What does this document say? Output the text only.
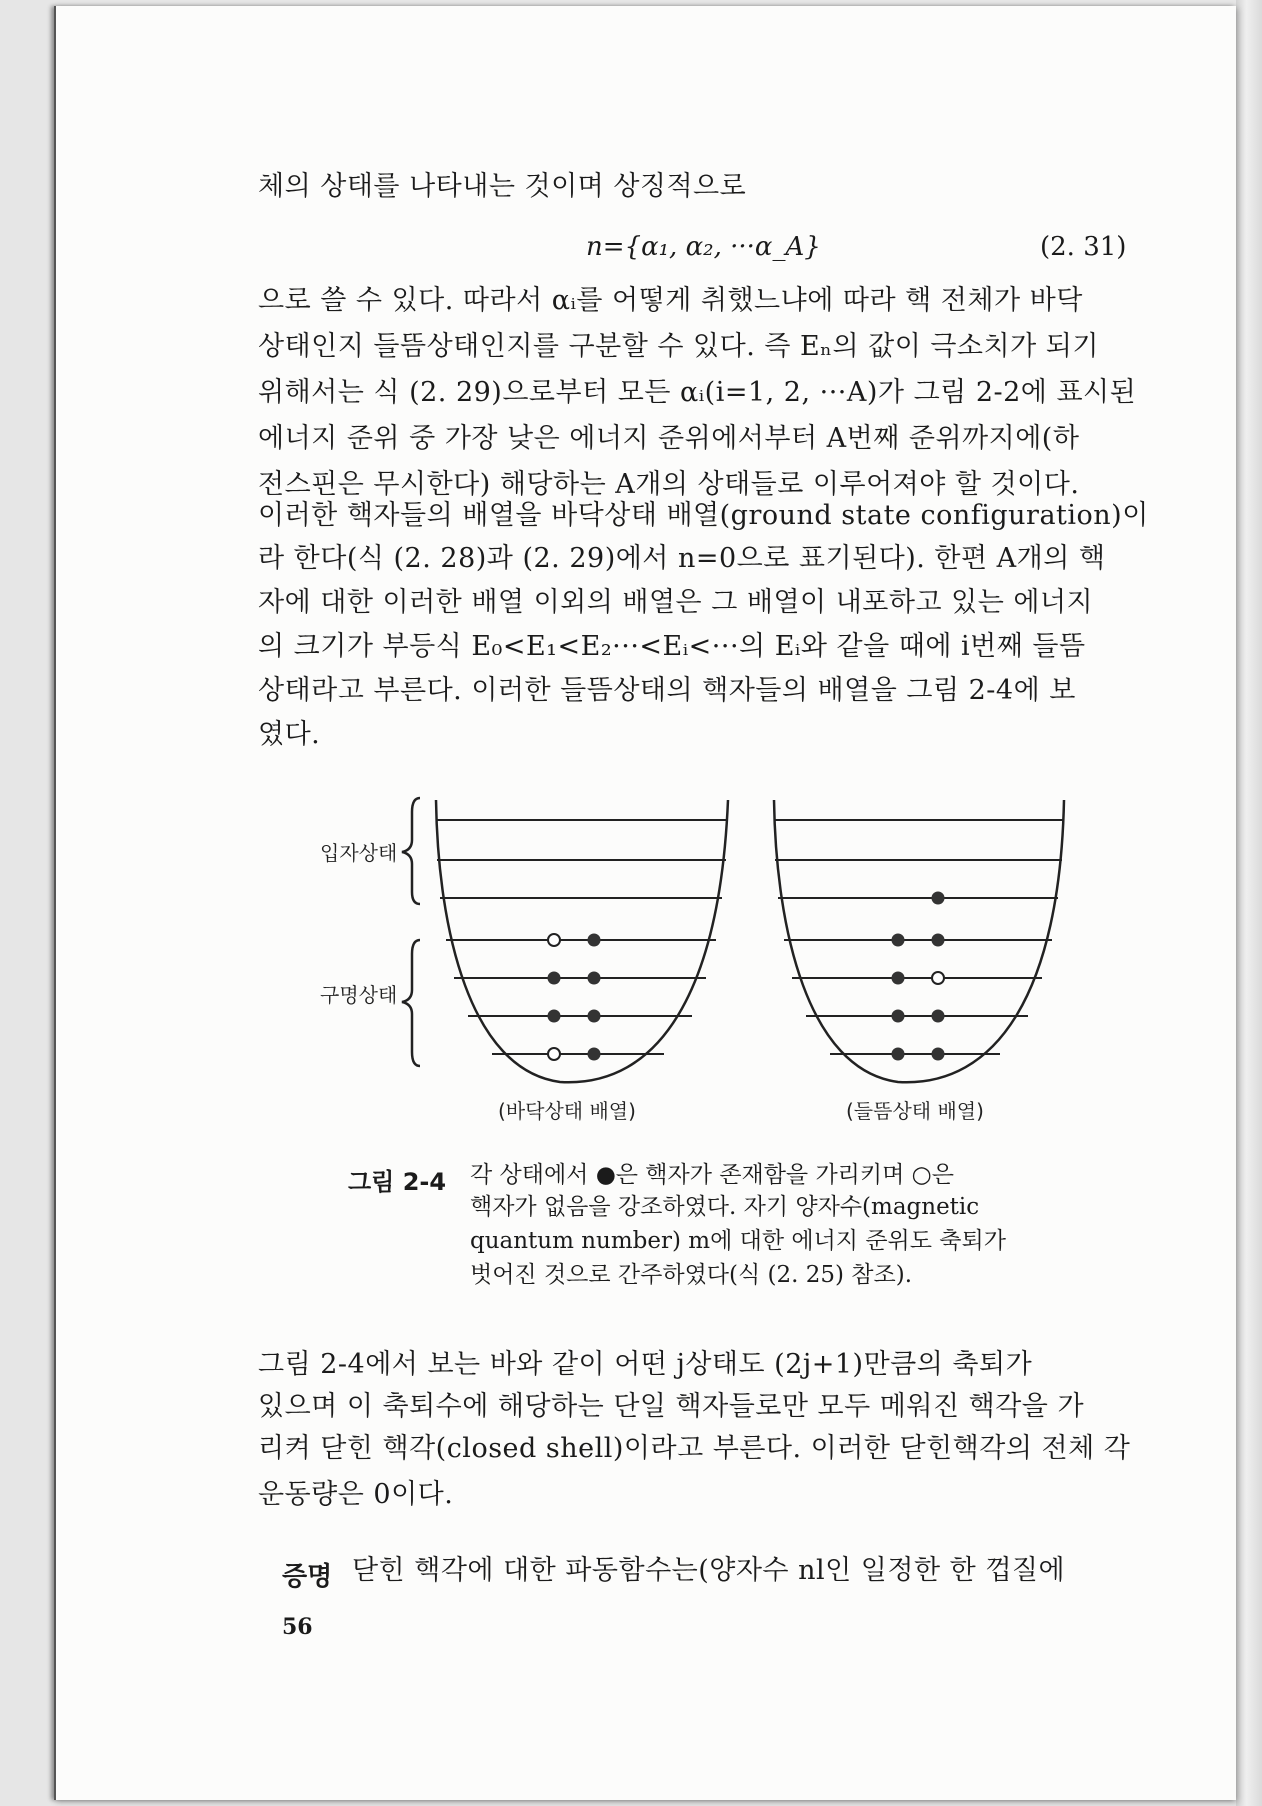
체의 상태를 나타내는 것이며 상징적으로
n={α₁, α₂, ···α_A}	(2. 31)
으로 쓸 수 있다. 따라서 αᵢ를 어떻게 취했느냐에 따라 핵 전체가 바닥
상태인지 들뜸상태인지를 구분할 수 있다. 즉 Eₙ의 값이 극소치가 되기
위해서는 식 (2. 29)으로부터 모든 αᵢ(i=1, 2, ···A)가 그림 2-2에 표시된
에너지 준위 중 가장 낮은 에너지 준위에서부터 A번째 준위까지에(하
전스핀은 무시한다) 해당하는 A개의 상태들로 이루어져야 할 것이다.
이러한 핵자들의 배열을 바닥상태 배열(ground state configuration)이
라 한다(식 (2. 28)과 (2. 29)에서 n=0으로 표기된다). 한편 A개의 핵
자에 대한 이러한 배열 이외의 배열은 그 배열이 내포하고 있는 에너지
의 크기가 부등식 E₀<E₁<E₂···<Eᵢ<···의 Eᵢ와 같을 때에 i번째 들뜸
상태라고 부른다. 이러한 들뜸상태의 핵자들의 배열을 그림 2-4에 보
였다.
입자상태
구명상태
(바닥상태 배열)	(들뜸상태 배열)
그림 2-4 각 상태에서 ●은 핵자가 존재함을 가리키며 ○은
핵자가 없음을 강조하였다. 자기 양자수(magnetic
quantum number) m에 대한 에너지 준위도 축퇴가
벗어진 것으로 간주하였다(식 (2. 25) 참조).
그림 2-4에서 보는 바와 같이 어떤 j상태도 (2j+1)만큼의 축퇴가
있으며 이 축퇴수에 해당하는 단일 핵자들로만 모두 메워진 핵각을 가
리켜 닫힌 핵각(closed shell)이라고 부른다. 이러한 닫힌핵각의 전체 각
운동량은 0이다.
증명 닫힌 핵각에 대한 파동함수는(양자수 nl인 일정한 한 껍질에
56
